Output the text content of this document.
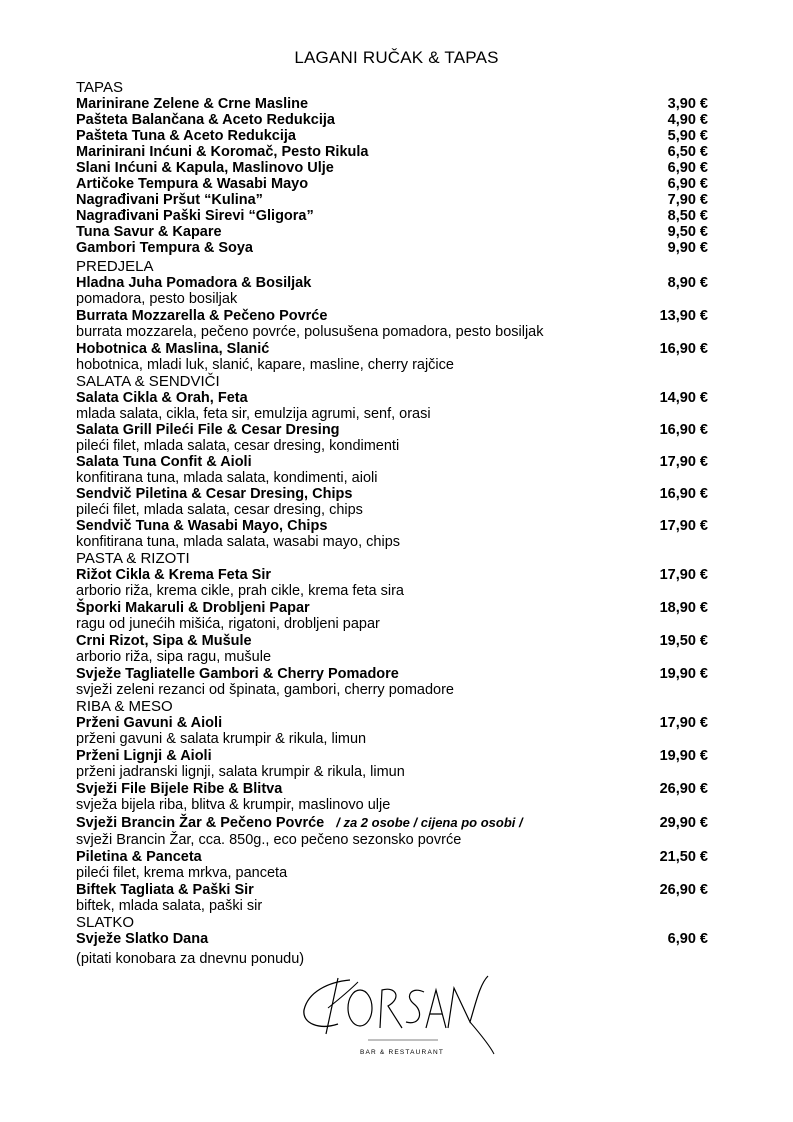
LAGANI RUČAK & TAPAS
TAPAS
Marinirane Zelene & Crne Masline	3,90 €
Pašteta Balančana & Aceto Redukcija	4,90 €
Pašteta Tuna & Aceto Redukcija	5,90 €
Marinirani Inćuni & Koromač, Pesto Rikula	6,50 €
Slani Inćuni & Kapula, Maslinovo Ulje	6,90 €
Artičoke Tempura & Wasabi Mayo	6,90 €
Nagrađivani Pršut “Kulina”	7,90 €
Nagrađivani Paški Sirevi “Gligora”	8,50 €
Tuna Savur & Kapare	9,50 €
Gambori Tempura & Soya	9,90 €
PREDJELA
Hladna Juha Pomadora & Bosiljak	8,90 €
pomadora, pesto bosiljak
Burrata Mozzarella & Pečeno Povrće	13,90 €
burrata mozzarela, pečeno povrće, polusušena pomadora, pesto bosiljak
Hobotnica & Maslina, Slanić	16,90 €
hobotnica, mladi luk, slanić, kapare, masline, cherry rajčice
SALATA & SENDVIČI
Salata Cikla & Orah, Feta	14,90 €
mlada salata, cikla, feta sir, emulzija agrumi, senf, orasi
Salata Grill Pileći File & Cesar Dresing	16,90 €
pileći filet, mlada salata, cesar dresing, kondimenti
Salata Tuna Confit & Aioli	17,90 €
konfitirana tuna, mlada salata, kondimenti, aioli
Sendvič Piletina & Cesar Dresing, Chips	16,90 €
pileći filet, mlada salata, cesar dresing, chips
Sendvič Tuna & Wasabi Mayo, Chips	17,90 €
konfitirana tuna, mlada salata, wasabi mayo, chips
PASTA & RIZOTI
Rižot Cikla & Krema Feta Sir	17,90 €
arborio riža, krema cikle, prah cikle, krema feta sira
Šporki Makaruli & Drobljeni Papar	18,90 €
ragu od junećih mišića, rigatoni, drobljeni papar
Crni Rizot, Sipa & Mušule	19,50 €
arborio riža, sipa ragu, mušule
Svježe Tagliatelle Gambori & Cherry Pomadore	19,90 €
svježi zeleni rezanci od špinata, gambori, cherry pomadore
RIBA & MESO
Prženi Gavuni & Aioli	17,90 €
prženi gavuni & salata krumpir & rikula, limun
Prženi Lignji & Aioli	19,90 €
prženi jadranski lignji, salata krumpir & rikula, limun
Svježi File Bijele Ribe & Blitva	26,90 €
svježa bijela riba, blitva & krumpir, maslinovo ulje
Svježi Brancin Žar & Pečeno Povrće / za 2 osobe / cijena po osobi /	29,90 €
svježi Brancin Žar, cca. 850g., eco pečeno sezonsko povrće
Piletina & Panceta	21,50 €
pileći filet, krema mrkva, panceta
Biftek Tagliata & Paški Sir	26,90 €
biftek, mlada salata, paški sir
SLATKO
Svježe Slatko Dana	6,90 €
(pitati konobara za dnevnu ponudu)
BAR & RESTAURANT
